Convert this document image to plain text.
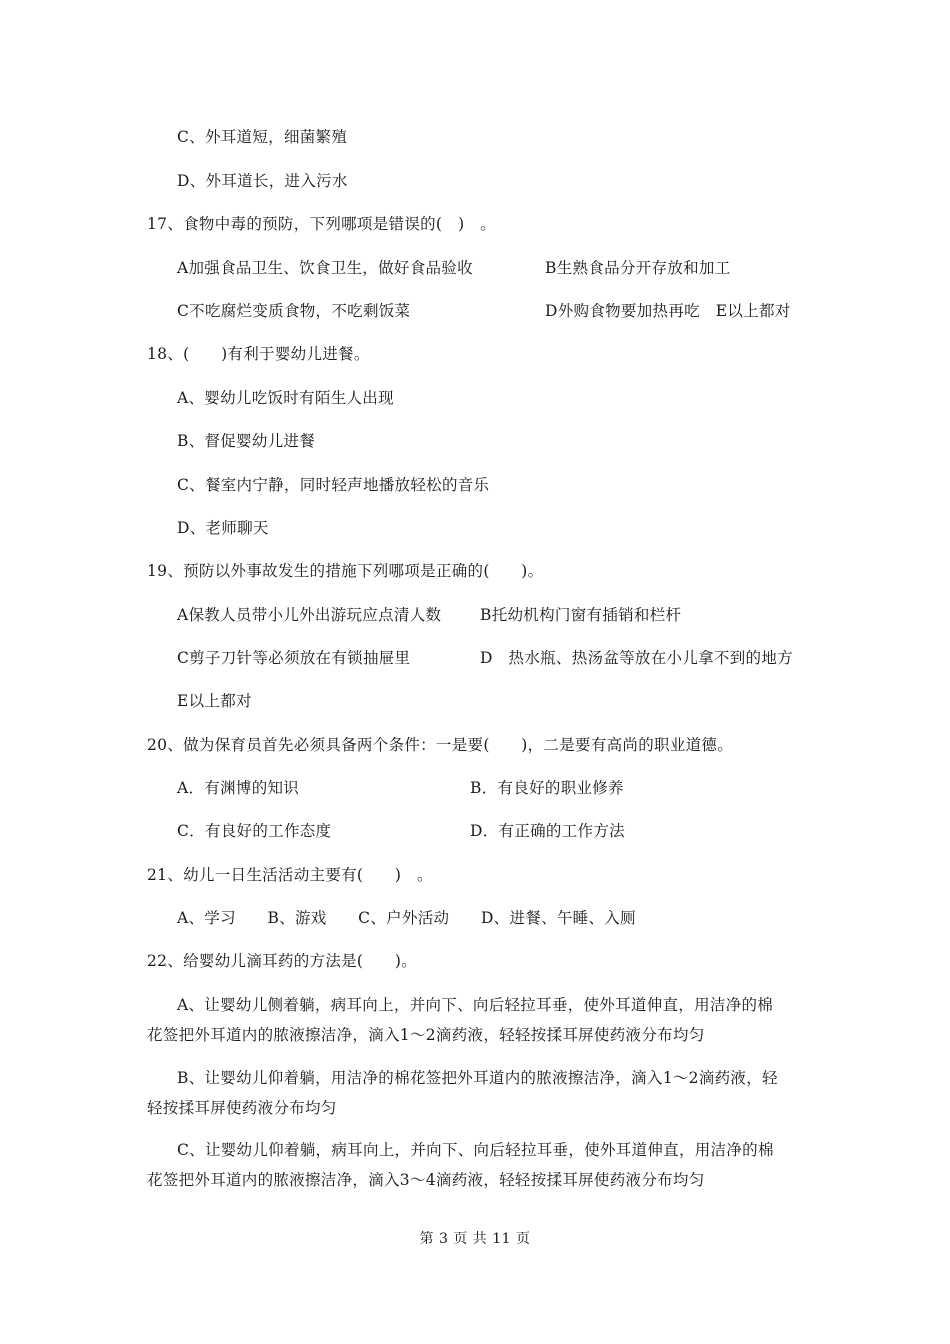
C、外耳道短，细菌繁殖
D、外耳道长，进入污水
17、食物中毒的预防，下列哪项是错误的(　)　。
A加强食品卫生、饮食卫生，做好食品验收	B生熟食品分开存放和加工
C不吃腐烂变质食物，不吃剩饭菜	D外购食物要加热再吃　E以上都对
18、(　　)有利于婴幼儿进餐。
A、婴幼儿吃饭时有陌生人出现
B、督促婴幼儿进餐
C、餐室内宁静，同时轻声地播放轻松的音乐
D、老师聊天
19、预防以外事故发生的措施下列哪项是正确的(　　)。
A保教人员带小儿外出游玩应点清人数 B托幼机构门窗有插销和栏杆
C剪子刀针等必须放在有锁抽屉里	D　热水瓶、热汤盆等放在小儿拿不到的地方
E以上都对
20、做为保育员首先必须具备两个条件：一是要(　　)，二是要有高尚的职业道德。
A．有渊博的知识	B．有良好的职业修养
C．有良好的工作态度	D．有正确的工作方法
21、幼儿一日生活活动主要有(　　)　。
A、学习　　B、游戏　　C、户外活动　　D、进餐、午睡、入厕
22、给婴幼儿滴耳药的方法是(　　)。
A、让婴幼儿侧着躺，病耳向上，并向下、向后轻拉耳垂，使外耳道伸直，用洁净的棉
花签把外耳道内的脓液擦洁净，滴入1～2滴药液，轻轻按揉耳屏使药液分布均匀
B、让婴幼儿仰着躺，用洁净的棉花签把外耳道内的脓液擦洁净，滴入1～2滴药液，轻
轻按揉耳屏使药液分布均匀
C、让婴幼儿仰着躺，病耳向上，并向下、向后轻拉耳垂，使外耳道伸直，用洁净的棉
花签把外耳道内的脓液擦洁净，滴入3～4滴药液，轻轻按揉耳屏使药液分布均匀
第 3 页 共 11 页
